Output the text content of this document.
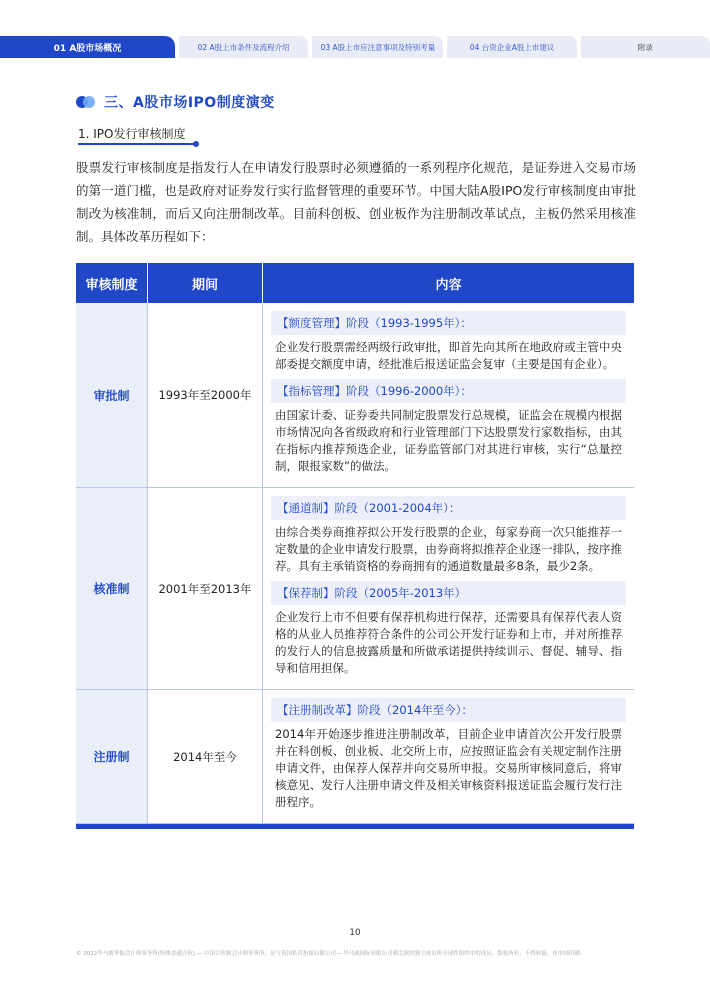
01 A股市场概况	02 A股上市条件及流程介绍	03 A股上市应注意事项及特别考量	04 台资企业A股上市建议	附录
三、A股市场IPO制度演变
1. IPO发行审核制度

股票发行审核制度是指发行人在申请发行股票时必须遵循的一系列程序化规范，是证券进入交易市场的第一道门槛，也是政府对证券发行实行监督管理的重要环节。中国大陆A股IPO发行审核制度由审批制改为核准制，而后又向注册制改革。目前科创板、创业板作为注册制改革试点，主板仍然采用核准制。具体改革历程如下：

审核制度	期间	内容
审批制	1993年至2000年
【额度管理】阶段（1993-1995年）：
企业发行股票需经两级行政审批，即首先向其所在地政府或主管中央部委提交额度申请，经批准后报送证监会复审（主要是国有企业）。
【指标管理】阶段（1996-2000年）：
由国家计委、证券委共同制定股票发行总规模，证监会在规模内根据市场情况向各省级政府和行业管理部门下达股票发行家数指标，由其在指标内推荐预选企业，证券监管部门对其进行审核，实行“总量控制，限报家数”的做法。
核准制	2001年至2013年
【通道制】阶段（2001-2004年）：
由综合类券商推荐拟公开发行股票的企业，每家券商一次只能推荐一定数量的企业申请发行股票，由券商将拟推荐企业逐一排队，按序推荐。具有主承销资格的券商拥有的通道数量最多8条，最少2条。
【保荐制】阶段（2005年-2013年）
企业发行上市不但要有保荐机构进行保荐，还需要具有保荐代表人资格的从业人员推荐符合条件的公司公开发行证券和上市，并对所推荐的发行人的信息披露质量和所做承诺提供持续训示、督促、辅导、指导和信用担保。
注册制	2014年至今
【注册制改革】阶段（2014年至今）：
2014年开始逐步推进注册制改革，目前企业申请首次公开发行股票并在科创板、创业板、北交所上市，应按照证监会有关规定制作注册申请文件，由保荐人保荐并向交易所申报。交易所审核同意后，将审核意见、发行人注册申请文件及相关审核资料报送证监会履行发行注册程序。
10
© 2022毕马威华振会计师事务所(特殊普通合伙) — 中国合伙制会计师事务所，是与英国私营担保有限公司— 毕马威国际有限公司相关联的独立成员所全球性组织中的成员。版权所有，不得转载。在中国印刷。
